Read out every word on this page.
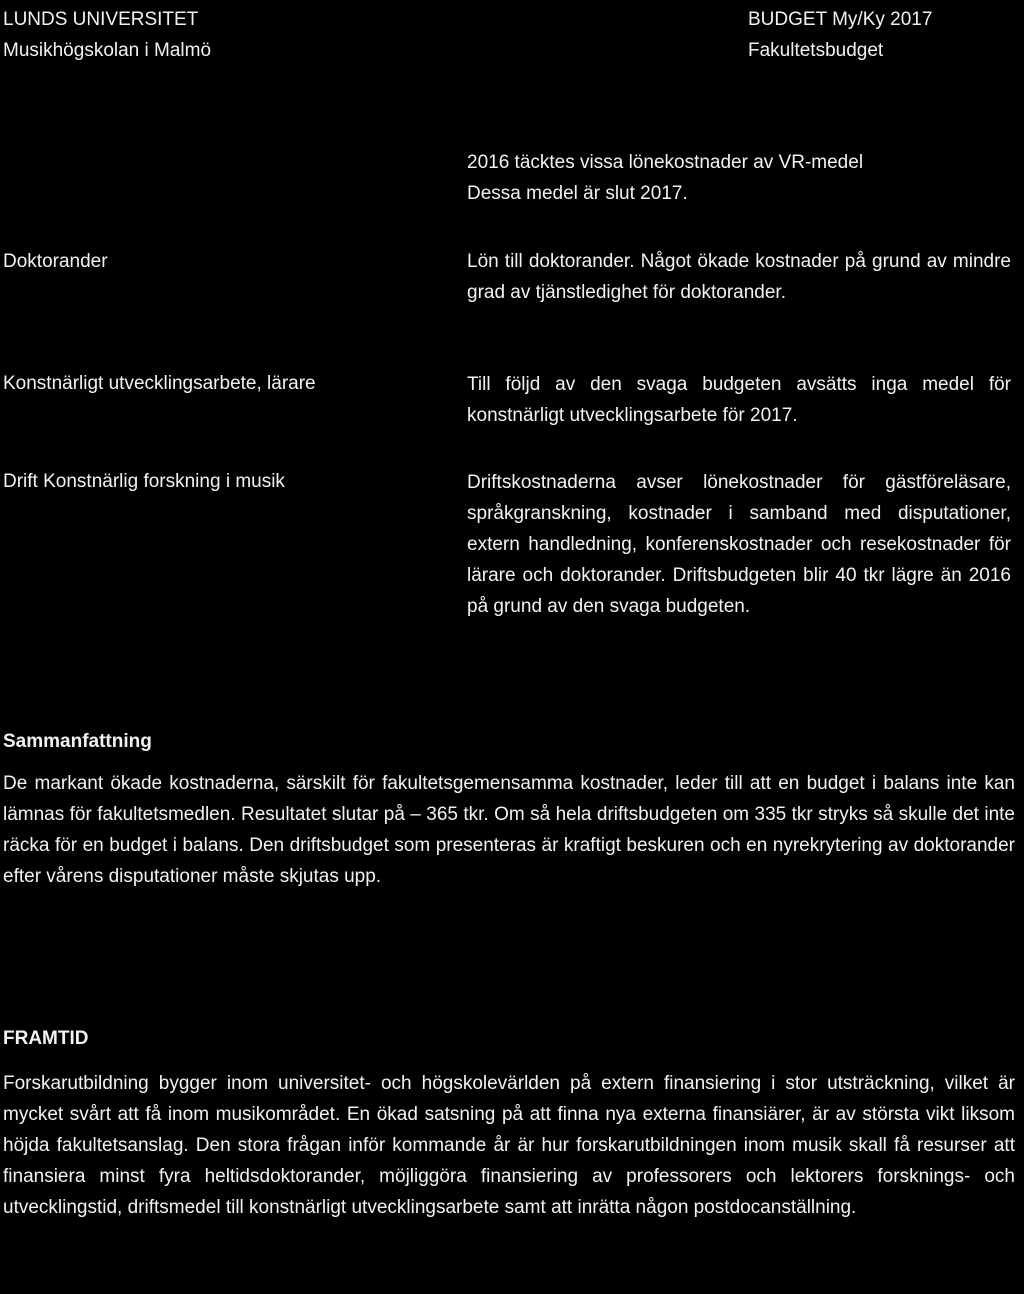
LUNDS UNIVERSITET
Musikhögskolan i Malmö
BUDGET My/Ky 2017
Fakultetsbudget
2016 täcktes vissa lönekostnader av VR-medel
Dessa medel är slut 2017.
Doktorander	Lön till doktorander. Något ökade kostnader på grund av mindre grad av tjänstledighet för doktorander.
Konstnärligt utvecklingsarbete, lärare	Till följd av den svaga budgeten avsätts inga medel för konstnärligt utvecklingsarbete för 2017.
Drift Konstnärlig forskning i musik	Driftskostnaderna avser lönekostnader för gästföreläsare, språkgranskning, kostnader i samband med disputationer, extern handledning, konferenskostnader och resekostnader för lärare och doktorander. Driftsbudgeten blir 40 tkr lägre än 2016 på grund av den svaga budgeten.
Sammanfattning
De markant ökade kostnaderna, särskilt för fakultetsgemensamma kostnader, leder till att en budget i balans inte kan lämnas för fakultetsmedlen. Resultatet slutar på – 365 tkr. Om så hela driftsbudgeten om 335 tkr stryks så skulle det inte räcka för en budget i balans. Den driftsbudget som presenteras är kraftigt beskuren och en nyrekrytering av doktorander efter vårens disputationer måste skjutas upp.
FRAMTID
Forskarutbildning bygger inom universitet- och högskolevärlden på extern finansiering i stor utsträckning, vilket är mycket svårt att få inom musikområdet. En ökad satsning på att finna nya externa finansiärer, är av största vikt liksom höjda fakultetsanslag. Den stora frågan inför kommande år är hur forskarutbildningen inom musik skall få resurser att finansiera minst fyra heltidsdoktorander, möjliggöra finansiering av professorers och lektorers forsknings- och utvecklingstid, driftsmedel till konstnärligt utvecklingsarbete samt att inrätta någon postdocanställning.
